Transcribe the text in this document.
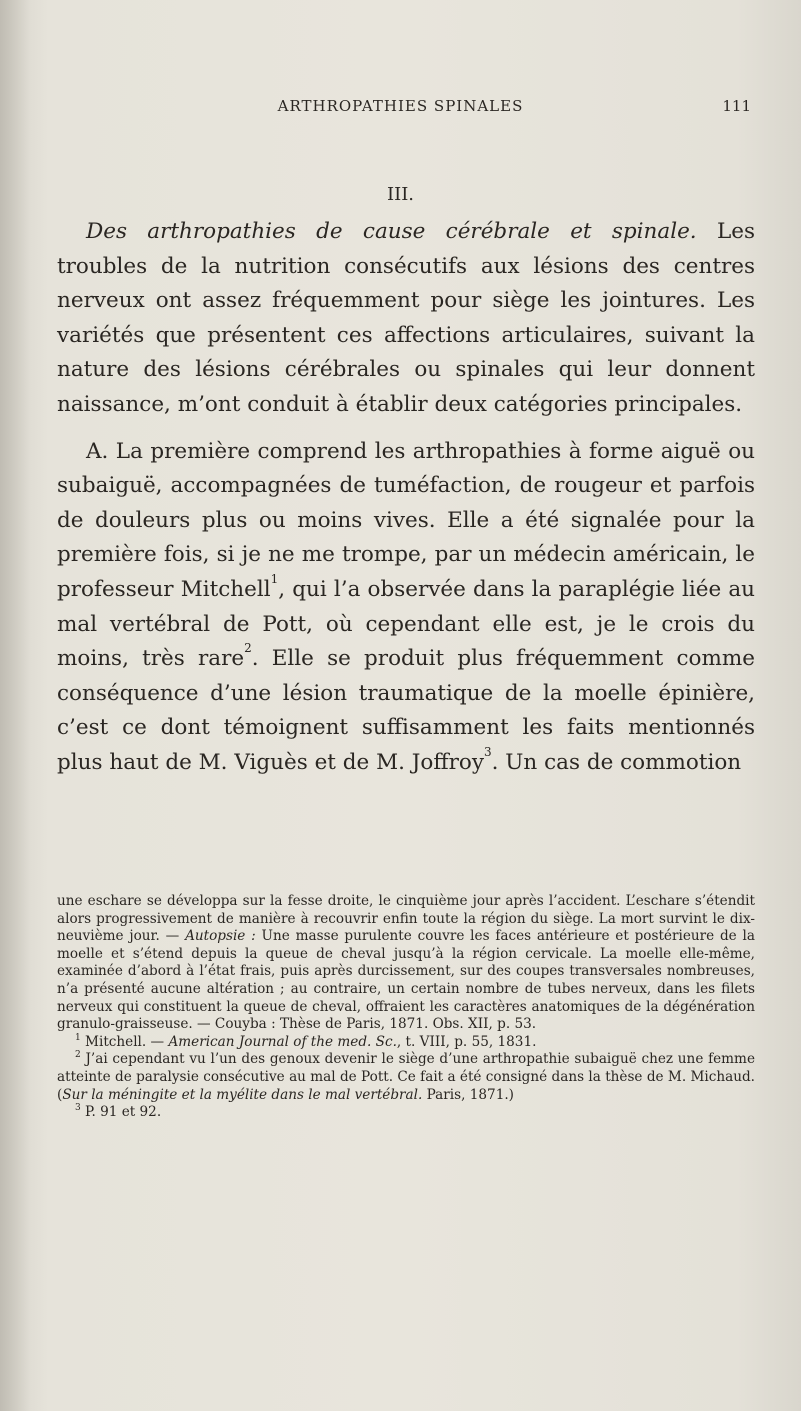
ARTHROPATHIES SPINALES	111
III.

Des arthropathies de cause cérébrale et spinale. Les troubles de la nutrition consécutifs aux lésions des centres nerveux ont assez fréquemment pour siège les jointures. Les variétés que présentent ces affections articulaires, suivant la nature des lésions cérébrales ou spinales qui leur donnent naissance, m’ont conduit à établir deux catégories principales.

A. La première comprend les arthropathies à forme aiguë ou subaiguë, accompagnées de tuméfaction, de rougeur et parfois de douleurs plus ou moins vives. Elle a été signalée pour la première fois, si je ne me trompe, par un médecin américain, le professeur Mitchell$^1$, qui l’a observée dans la paraplégie liée au mal vertébral de Pott, où cependant elle est, je le crois du moins, très rare$^2$. Elle se produit plus fréquemment comme conséquence d’une lésion traumatique de la moelle épinière, c’est ce dont témoignent suffisamment les faits mentionnés plus haut de M. Viguès et de M. Joffroy$^3$. Un cas de commotion

une eschare se développa sur la fesse droite, le cinquième jour après l’accident. L’eschare s’étendit alors progressivement de manière à recouvrir enfin toute la région du siège. La mort survint le dix-neuvième jour. — Autopsie : Une masse purulente couvre les faces antérieure et postérieure de la moelle et s’étend depuis la queue de cheval jusqu’à la région cervicale. La moelle elle-même, examinée d’abord à l’état frais, puis après durcissement, sur des coupes transversales nombreuses, n’a présenté aucune altération ; au contraire, un certain nombre de tubes nerveux, dans les filets nerveux qui constituent la queue de cheval, offraient les caractères anatomiques de la dégénération granulo-graisseuse. — Couyba : Thèse de Paris, 1871. Obs. XII, p. 53.

$^1$ Mitchell. — American Journal of the med. Sc., t. VIII, p. 55, 1831.

$^2$ J’ai cependant vu l’un des genoux devenir le siège d’une arthropathie subaiguë chez une femme atteinte de paralysie consécutive au mal de Pott. Ce fait a été consigné dans la thèse de M. Michaud. (Sur la méningite et la myélite dans le mal vertébral. Paris, 1871.)

$^3$ P. 91 et 92.
